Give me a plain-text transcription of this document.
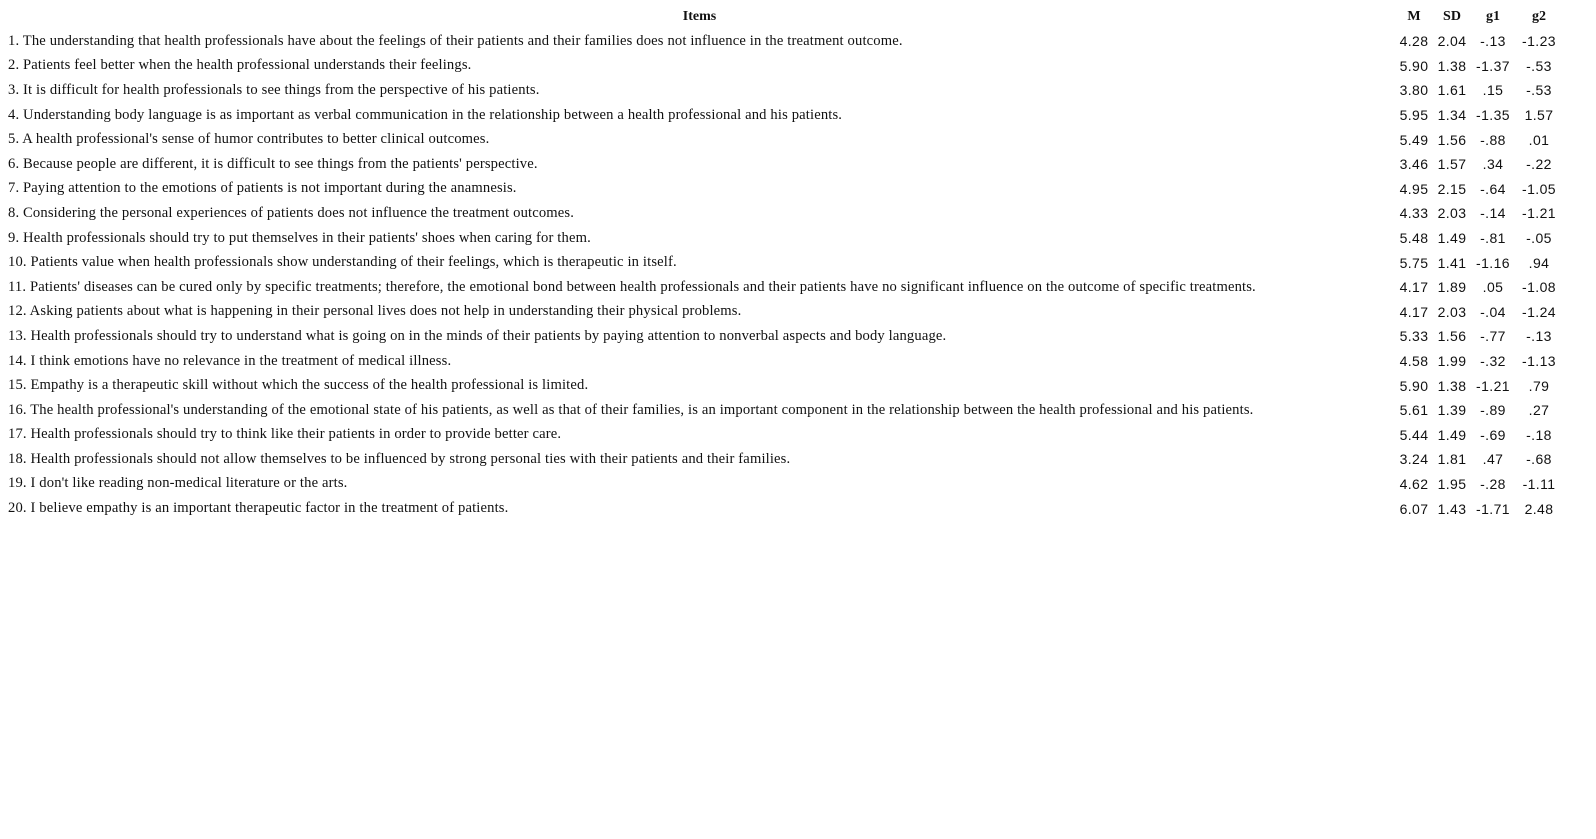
Items	M	SD	g1	g2
1. The understanding that health professionals have about the feelings of their patients and their families does not influence in the treatment outcome.	4.28	2.04	-.13	-1.23
2. Patients feel better when the health professional understands their feelings.	5.90	1.38	-1.37	-.53
3. It is difficult for health professionals to see things from the perspective of his patients.	3.80	1.61	.15	-.53
4. Understanding body language is as important as verbal communication in the relationship between a health professional and his patients.	5.95	1.34	-1.35	1.57
5. A health professional's sense of humor contributes to better clinical outcomes.	5.49	1.56	-.88	.01
6. Because people are different, it is difficult to see things from the patients' perspective.	3.46	1.57	.34	-.22
7. Paying attention to the emotions of patients is not important during the anamnesis.	4.95	2.15	-.64	-1.05
8. Considering the personal experiences of patients does not influence the treatment outcomes.	4.33	2.03	-.14	-1.21
9. Health professionals should try to put themselves in their patients' shoes when caring for them.	5.48	1.49	-.81	-.05
10. Patients value when health professionals show understanding of their feelings, which is therapeutic in itself.	5.75	1.41	-1.16	.94
11. Patients' diseases can be cured only by specific treatments; therefore, the emotional bond between health professionals and their patients have no significant influence on the outcome of specific treatments.	4.17	1.89	.05	-1.08
12. Asking patients about what is happening in their personal lives does not help in understanding their physical problems.	4.17	2.03	-.04	-1.24
13. Health professionals should try to understand what is going on in the minds of their patients by paying attention to nonverbal aspects and body language.	5.33	1.56	-.77	-.13
14. I think emotions have no relevance in the treatment of medical illness.	4.58	1.99	-.32	-1.13
15. Empathy is a therapeutic skill without which the success of the health professional is limited.	5.90	1.38	-1.21	.79
16. The health professional's understanding of the emotional state of his patients, as well as that of their families, is an important component in the relationship between the health professional and his patients.	5.61	1.39	-.89	.27
17. Health professionals should try to think like their patients in order to provide better care.	5.44	1.49	-.69	-.18
18. Health professionals should not allow themselves to be influenced by strong personal ties with their patients and their families.	3.24	1.81	.47	-.68
19. I don't like reading non-medical literature or the arts.	4.62	1.95	-.28	-1.11
20. I believe empathy is an important therapeutic factor in the treatment of patients.	6.07	1.43	-1.71	2.48
